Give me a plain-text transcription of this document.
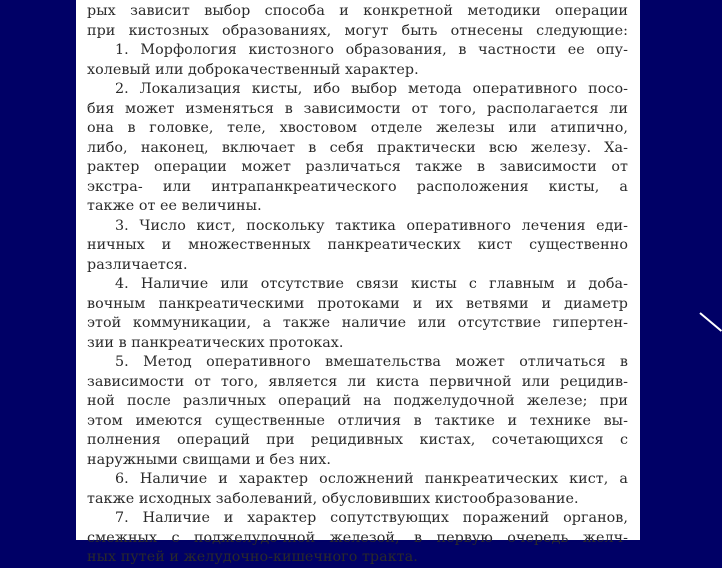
рых зависит выбор способа и конкретной методики операции
при кистозных образованиях, могут быть отнесены следующие:
1. Морфология кистозного образования, в частности ее опу-
холевый или доброкачественный характер.
2. Локализация кисты, ибо выбор метода оперативного посо-
бия может изменяться в зависимости от того, располагается ли
она в головке, теле, хвостовом отделе железы или атипично,
либо, наконец, включает в себя практически всю железу. Ха-
рактер операции может различаться также в зависимости от
экстра- или интрапанкреатического расположения кисты, а
также от ее величины.
3. Число кист, поскольку тактика оперативного лечения еди-
ничных и множественных панкреатических кист существенно
различается.
4. Наличие или отсутствие связи кисты с главным и доба-
вочным панкреатическими протоками и их ветвями и диаметр
этой коммуникации, а также наличие или отсутствие гипертен-
зии в панкреатических протоках.
5. Метод оперативного вмешательства может отличаться в
зависимости от того, является ли киста первичной или рецидив-
ной после различных операций на поджелудочной железе; при
этом имеются существенные отличия в тактике и технике вы-
полнения операций при рецидивных кистах, сочетающихся с
наружными свищами и без них.
6. Наличие и характер осложнений панкреатических кист, а
также исходных заболеваний, обусловивших кистообразование.
7. Наличие и характер сопутствующих поражений органов,
смежных с поджелудочной железой, в первую очередь желч-
ных путей и желудочно-кишечного тракта.
